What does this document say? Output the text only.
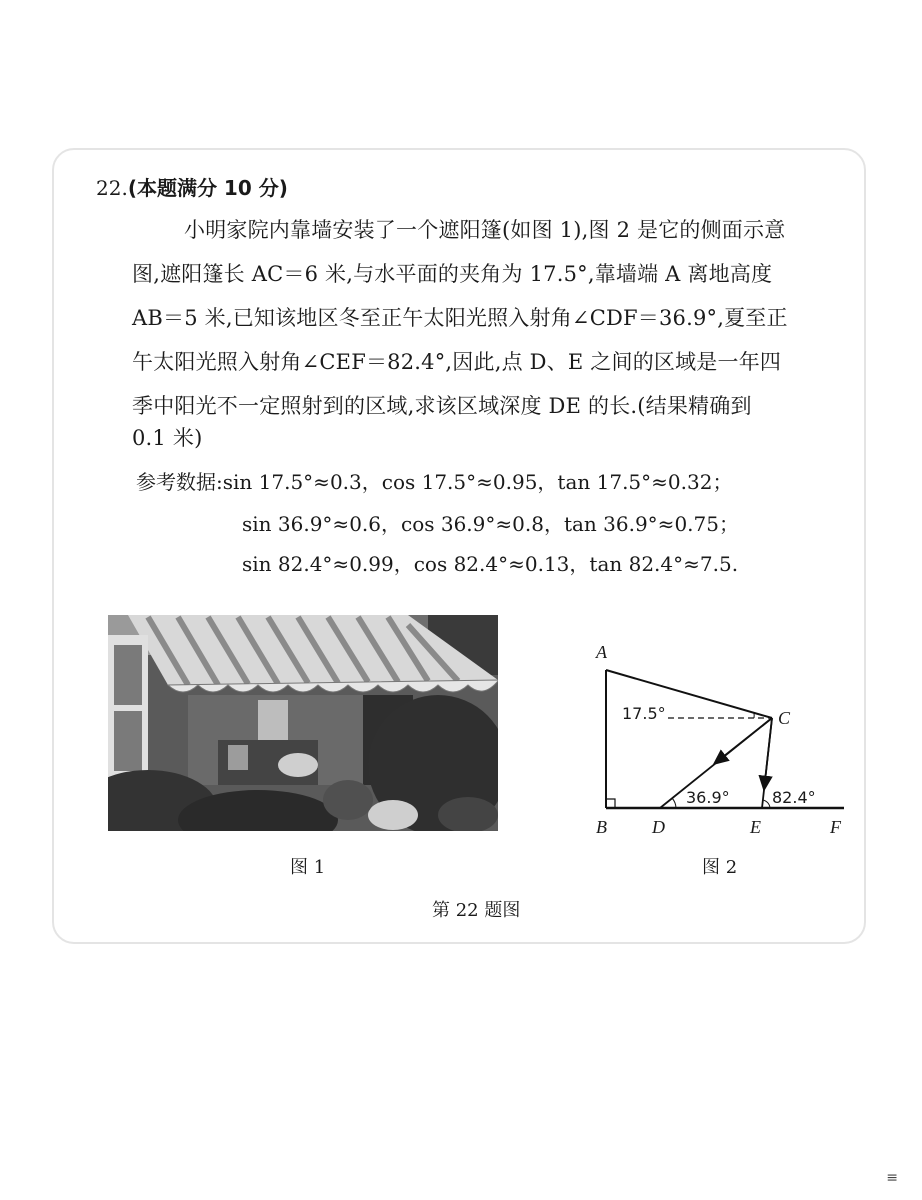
22.(本题满分 10 分)
小明家院内靠墙安装了一个遮阳篷(如图 1),图 2 是它的侧面示意
图,遮阳篷长 AC＝6 米,与水平面的夹角为 17.5°,靠墙端 A 离地高度
AB＝5 米,已知该地区冬至正午太阳光照入射角∠CDF＝36.9°,夏至正
午太阳光照入射角∠CEF＝82.4°,因此,点 D、E 之间的区域是一年四
季中阳光不一定照射到的区域,求该区域深度 DE 的长.(结果精确到
0.1 米)
参考数据:sin 17.5°≈0.3，cos 17.5°≈0.95，tan 17.5°≈0.32；
sin 36.9°≈0.6，cos 36.9°≈0.8，tan 36.9°≈0.75；
sin 82.4°≈0.99，cos 82.4°≈0.13，tan 82.4°≈7.5.
A
C
B	D	E	F
17.5°
36.9°	82.4°
图 1	图 2
第 22 题图
≡
